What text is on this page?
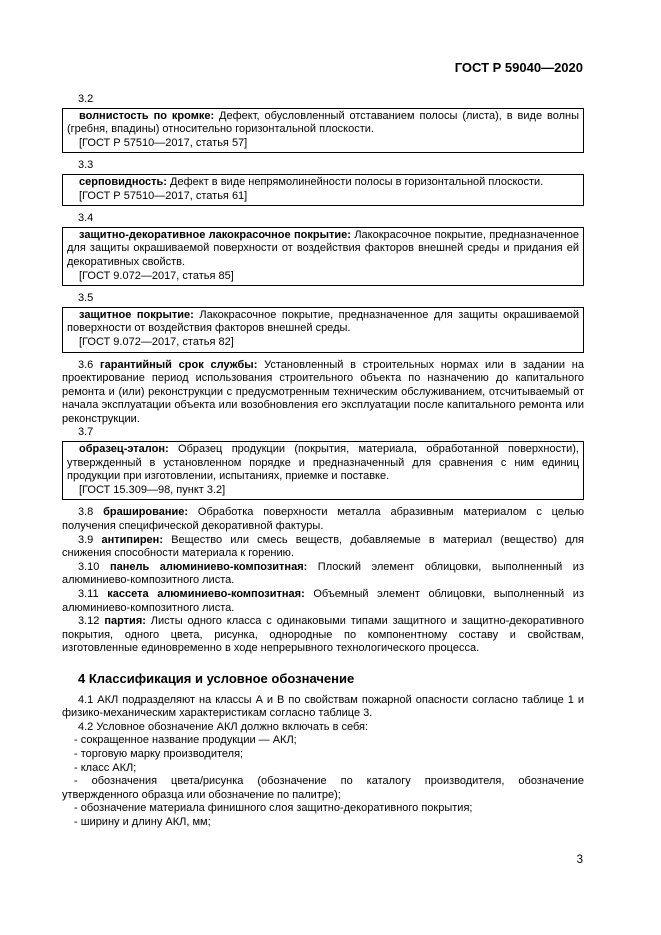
ГОСТ Р 59040—2020

3.2

волнистость по кромке: Дефект, обусловленный отставанием полосы (листа), в виде волны (гребня, впадины) относительно горизонтальной плоскости.

[ГОСТ Р 57510—2017, статья 57]

3.3

серповидность: Дефект в виде непрямолинейности полосы в горизонтальной плоскости.

[ГОСТ Р 57510—2017, статья 61]

3.4

защитно-декоративное лакокрасочное покрытие: Лакокрасочное покрытие, предназначенное для защиты окрашиваемой поверхности от воздействия факторов внешней среды и придания ей декоративных свойств.

[ГОСТ 9.072—2017, статья 85]

3.5

защитное покрытие: Лакокрасочное покрытие, предназначенное для защиты окрашиваемой поверхности от воздействия факторов внешней среды.

[ГОСТ 9.072—2017, статья 82]

3.6 гарантийный срок службы: Установленный в строительных нормах или в задании на проектирование период использования строительного объекта по назначению до капитального ремонта и (или) реконструкции с предусмотренным техническим обслуживанием, отсчитываемый от начала эксплуатации объекта или возобновления его эксплуатации после капитального ремонта или реконструкции.

3.7

образец-эталон: Образец продукции (покрытия, материала, обработанной поверхности), утвержденный в установленном порядке и предназначенный для сравнения с ним единиц продукции при изготовлении, испытаниях, приемке и поставке.

[ГОСТ 15.309—98, пункт 3.2]

3.8 браширование: Обработка поверхности металла абразивным материалом с целью получения специфической декоративной фактуры.

3.9 антипирен: Вещество или смесь веществ, добавляемые в материал (вещество) для снижения способности материала к горению.

3.10 панель алюминиево-композитная: Плоский элемент облицовки, выполненный из алюминиево-композитного листа.

3.11 кассета алюминиево-композитная: Объемный элемент облицовки, выполненный из алюминиево-композитного листа.

3.12 партия: Листы одного класса с одинаковыми типами защитного и защитно-декоративного покрытия, одного цвета, рисунка, однородные по компонентному составу и свойствам, изготовленные единовременно в ходе непрерывного технологического процесса.

4 Классификация и условное обозначение

4.1 АКЛ подразделяют на классы А и В по свойствам пожарной опасности согласно таблице 1 и физико-механическим характеристикам согласно таблице 3.

4.2 Условное обозначение АКЛ должно включать в себя:

- сокращенное название продукции — АКЛ;
- торговую марку производителя;
- класс АКЛ;
- обозначения цвета/рисунка (обозначение по каталогу производителя, обозначение утвержденного образца или обозначение по палитре);
- обозначение материала финишного слоя защитно-декоративного покрытия;
- ширину и длину АКЛ, мм;
3
